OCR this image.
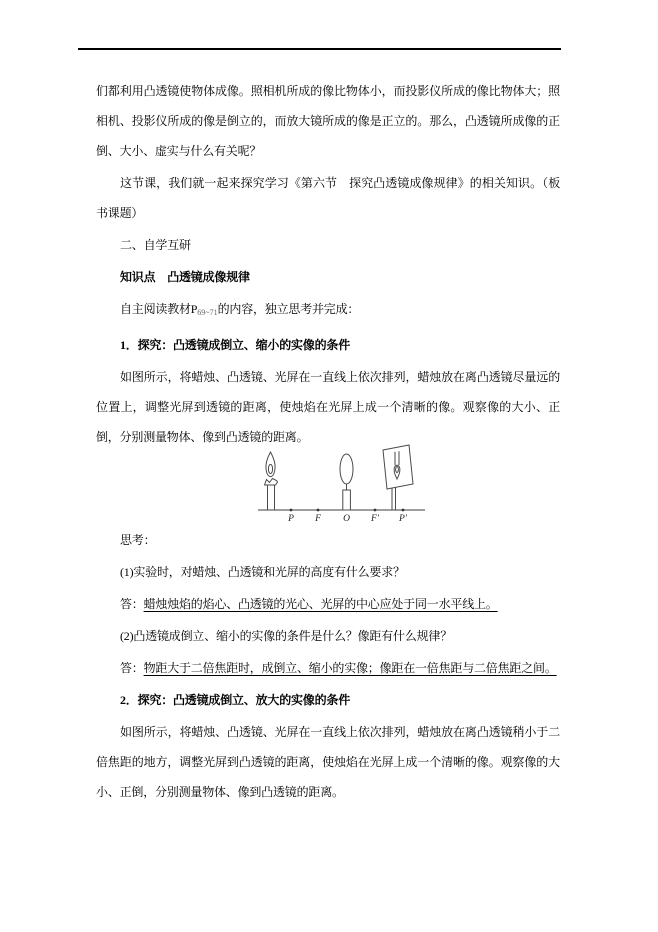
们都利用凸透镜使物体成像。照相机所成的像比物体小，而投影仪所成的像比物体大；照相机、投影仪所成的像是倒立的，而放大镜所成的像是正立的。那么，凸透镜所成像的正倒、大小、虚实与什么有关呢？

这节课，我们就一起来探究学习《第六节　探究凸透镜成像规律》的相关知识。（板书课题）

二、自学互研

知识点　凸透镜成像规律

自主阅读教材$P_{69\sim 71}$的内容，独立思考并完成：

1．探究：凸透镜成倒立、缩小的实像的条件

如图所示，将蜡烛、凸透镜、光屏在一直线上依次排列，蜡烛放在离凸透镜尽量远的位置上，调整光屏到透镜的距离，使烛焰在光屏上成一个清晰的像。观察像的大小、正倒，分别测量物体、像到凸透镜的距离。

P F O F′ P′

思考：

(1)实验时，对蜡烛、凸透镜和光屏的高度有什么要求？

答：蜡烛烛焰的焰心、凸透镜的光心、光屏的中心应处于同一水平线上。

(2)凸透镜成倒立、缩小的实像的条件是什么？像距有什么规律？

答：物距大于二倍焦距时，成倒立、缩小的实像；像距在一倍焦距与二倍焦距之间。

2．探究：凸透镜成倒立、放大的实像的条件

如图所示，将蜡烛、凸透镜、光屏在一直线上依次排列，蜡烛放在离凸透镜稍小于二倍焦距的地方，调整光屏到凸透镜的距离，使烛焰在光屏上成一个清晰的像。观察像的大小、正倒，分别测量物体、像到凸透镜的距离。
